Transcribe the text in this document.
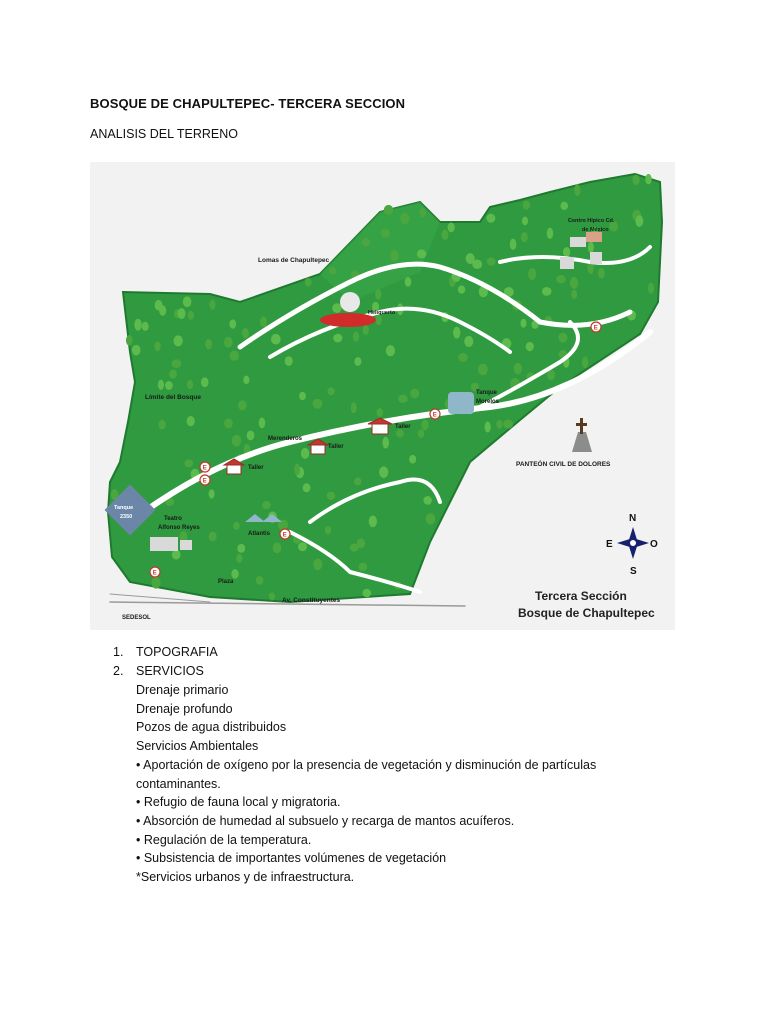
BOSQUE DE CHAPULTEPEC- TERCERA SECCION
ANALISIS DEL TERRENO
E
E
E
E
E
E
Lomas de Chapultepec
Centro Hípico Cd.
de México
Heliquerto
Límite del Bosque
Tanque
Morelos
Taller
Taller
Taller
Merenderos
PANTEÓN CIVIL DE DOLORES
Tanque
2350	Teatro
Alfonso Reyes
Atlantis
Plaza
Av. Constituyentes
SEDESOL
N
S
E	O
Tercera Sección
Bosque de Chapultepec
1. TOPOGRAFIA
2. SERVICIOS
Drenaje primario
Drenaje profundo
Pozos de agua distribuidos
Servicios Ambientales
• Aportación de oxígeno por la presencia de vegetación y disminución de partículas contaminantes.
• Refugio de fauna local y migratoria.
• Absorción de humedad al subsuelo y recarga de mantos acuíferos.
• Regulación de la temperatura.
• Subsistencia de importantes volúmenes de vegetación
*Servicios urbanos y de infraestructura.
